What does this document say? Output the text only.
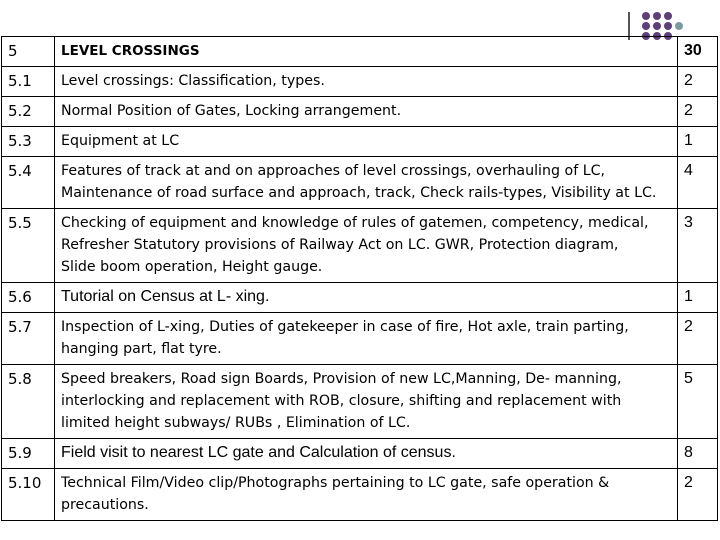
5	LEVEL CROSSINGS	30
5.1	Level crossings: Classification, types.	2
5.2	Normal Position of Gates, Locking arrangement.	2
5.3	Equipment at LC	1
5.4	Features of track at and on approaches of level crossings, overhauling of LC,
Maintenance of road surface and approach, track, Check rails-types, Visibility at LC.	4
5.5	Checking of equipment and knowledge of rules of gatemen, competency, medical,
Refresher Statutory provisions of Railway Act on LC. GWR, Protection diagram,
Slide boom operation, Height gauge.	3
5.6	Tutorial on Census at L- xing.	1
5.7	Inspection of L-xing, Duties of gatekeeper in case of fire, Hot axle, train parting,
hanging part, flat tyre.	2
5.8	Speed breakers, Road sign Boards, Provision of new LC,Manning, De- manning,
interlocking and replacement with ROB, closure, shifting and replacement with
limited height subways/ RUBs , Elimination of LC.	5
5.9	Field visit to nearest LC gate and Calculation of census.	8
5.10	Technical Film/Video clip/Photographs pertaining to LC gate, safe operation &
precautions.	2
